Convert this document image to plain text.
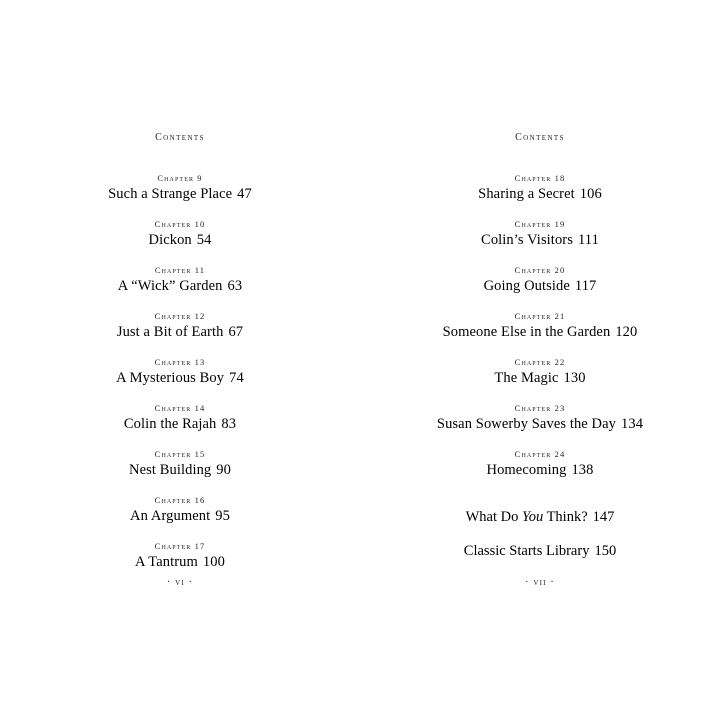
Contents
Chapter 9
Such a Strange Place 47
Chapter 10
Dickon 54
Chapter 11
A “Wick” Garden 63
Chapter 12
Just a Bit of Earth 67
Chapter 13
A Mysterious Boy 74
Chapter 14
Colin the Rajah 83
Chapter 15
Nest Building 90
Chapter 16
An Argument 95
Chapter 17
A Tantrum 100
· vi ·
Contents
Chapter 18
Sharing a Secret 106
Chapter 19
Colin’s Visitors 111
Chapter 20
Going Outside 117
Chapter 21
Someone Else in the Garden 120
Chapter 22
The Magic 130
Chapter 23
Susan Sowerby Saves the Day 134
Chapter 24
Homecoming 138
What Do You Think? 147
Classic Starts Library 150
· vii ·
